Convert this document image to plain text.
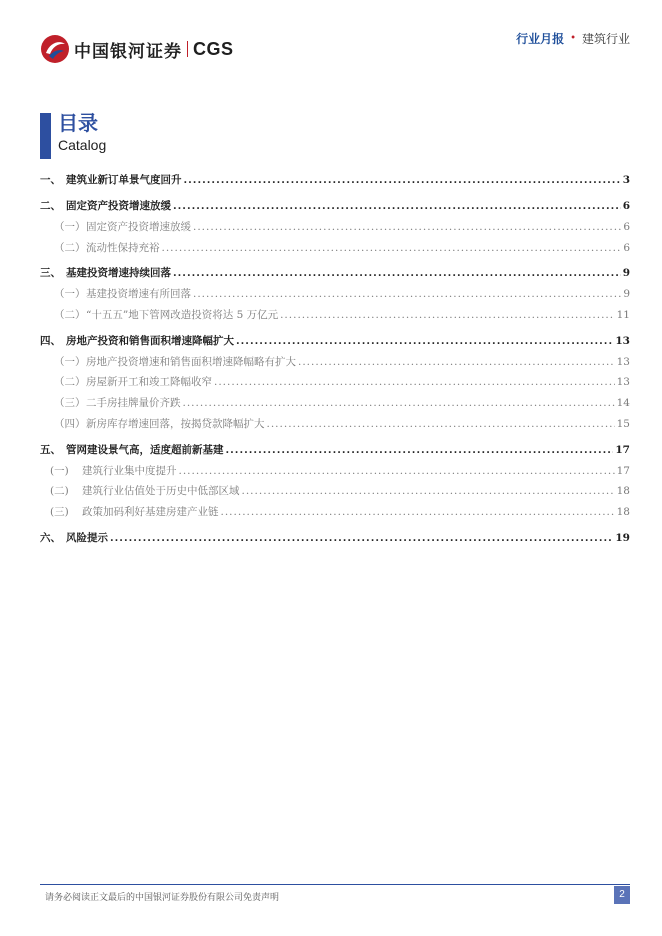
中国银河证券 CGS	行业月报 • 建筑行业
目录
Catalog
一、 建筑业新订单景气度回升 .....	3
二、 固定资产投资增速放缓 .....	6
（一） 固定资产投资增速放缓 .....	6
（二） 流动性保持充裕 .....	6
三、 基建投资增速持续回落 .....	9
（一） 基建投资增速有所回落 .....	9
（二） “十五五”地下管网改造投资将达 5 万亿元 .....	11
四、 房地产投资和销售面积增速降幅扩大 .....	13
（一） 房地产投资增速和销售面积增速降幅略有扩大 .....	13
（二） 房屋新开工和竣工降幅收窄 .....	13
（三） 二手房挂牌量价齐跌 .....	14
（四） 新房库存增速回落，按揭贷款降幅扩大 .....	15
五、 管网建设景气高，适度超前新基建 .....	17
(一)	建筑行业集中度提升 .....	17
(二)	建筑行业估值处于历史中低部区域 .....	18
(三)	政策加码利好基建房建产业链 .....	18
六、 风险提示 .....	19
请务必阅读正文最后的中国银河证券股份有限公司免责声明	2
